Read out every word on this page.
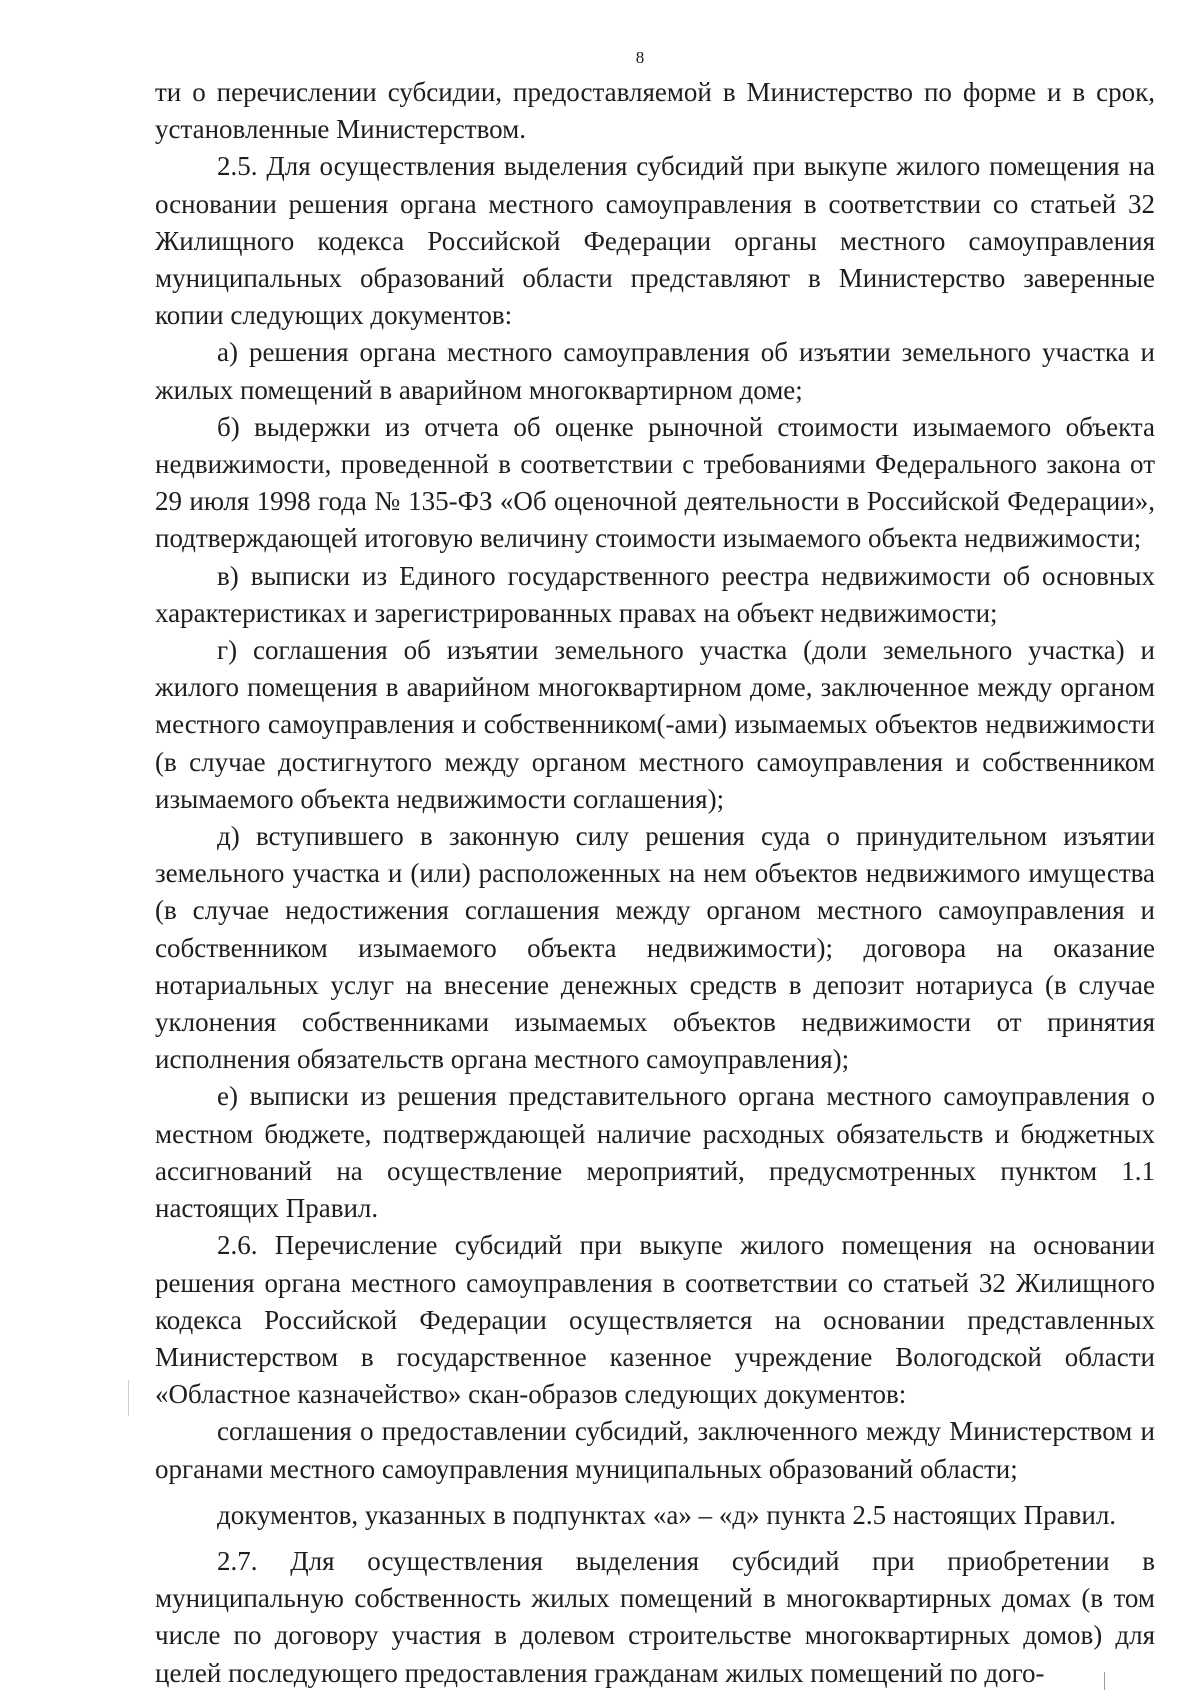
8

ти о перечислении субсидии, предоставляемой в Министерство по форме и в срок, установленные Министерством.

2.5. Для осуществления выделения субсидий при выкупе жилого помещения на основании решения органа местного самоуправления в соответствии со статьей 32 Жилищного кодекса Российской Федерации органы местного самоуправления муниципальных образований области представляют в Министерство заверенные копии следующих документов:

а) решения органа местного самоуправления об изъятии земельного участка и жилых помещений в аварийном многоквартирном доме;

б) выдержки из отчета об оценке рыночной стоимости изымаемого объекта недвижимости, проведенной в соответствии с требованиями Федерального закона от 29 июля 1998 года № 135-ФЗ «Об оценочной деятельности в Российской Федерации», подтверждающей итоговую величину стоимости изымаемого объекта недвижимости;

в) выписки из Единого государственного реестра недвижимости об основных характеристиках и зарегистрированных правах на объект недвижимости;

г) соглашения об изъятии земельного участка (доли земельного участка) и жилого помещения в аварийном многоквартирном доме, заключенное между органом местного самоуправления и собственником(-ами) изымаемых объектов недвижимости (в случае достигнутого между органом местного самоуправления и собственником изымаемого объекта недвижимости соглашения);

д) вступившего в законную силу решения суда о принудительном изъятии земельного участка и (или) расположенных на нем объектов недвижимого имущества (в случае недостижения соглашения между органом местного самоуправления и собственником изымаемого объекта недвижимости); договора на оказание нотариальных услуг на внесение денежных средств в депозит нотариуса (в случае уклонения собственниками изымаемых объектов недвижимости от принятия исполнения обязательств органа местного самоуправления);

е) выписки из решения представительного органа местного самоуправления о местном бюджете, подтверждающей наличие расходных обязательств и бюджетных ассигнований на осуществление мероприятий, предусмотренных пунктом 1.1 настоящих Правил.

2.6. Перечисление субсидий при выкупе жилого помещения на основании решения органа местного самоуправления в соответствии со статьей 32 Жилищного кодекса Российской Федерации осуществляется на основании представленных Министерством в государственное казенное учреждение Вологодской области «Областное казначейство» скан-образов следующих документов:

соглашения о предоставлении субсидий, заключенного между Министерством и органами местного самоуправления муниципальных образований области;

документов, указанных в подпунктах «а» – «д» пункта 2.5 настоящих Правил.

2.7. Для осуществления выделения субсидий при приобретении в муниципальную собственность жилых помещений в многоквартирных домах (в том числе по договору участия в долевом строительстве многоквартирных домов) для целей последующего предоставления гражданам жилых помещений по дого-
